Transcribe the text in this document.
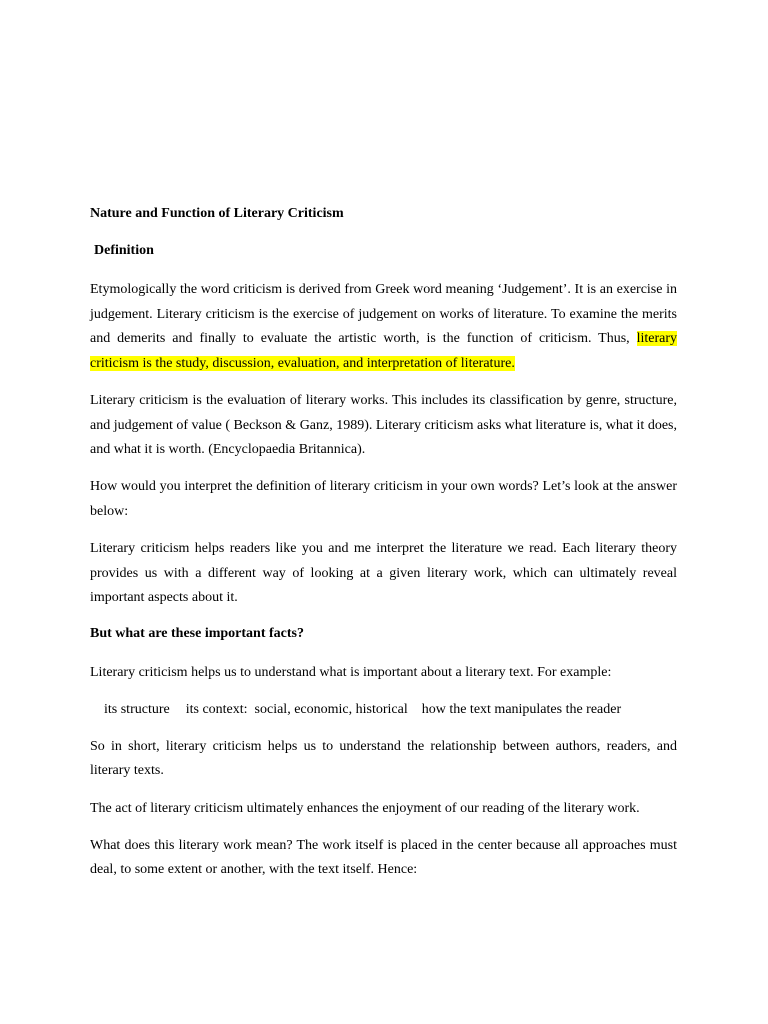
Nature and Function of Literary Criticism
Definition

Etymologically the word criticism is derived from Greek word meaning ‘Judgement’. It is an exercise in judgement. Literary criticism is the exercise of judgement on works of literature. To examine the merits and demerits and finally to evaluate the artistic worth, is the function of criticism. Thus, literary criticism is the study, discussion, evaluation, and interpretation of literature.

Literary criticism is the evaluation of literary works. This includes its classification by genre, structure, and judgement of value ( Beckson & Ganz, 1989). Literary criticism asks what literature is, what it does, and what it is worth. (Encyclopaedia Britannica).

How would you interpret the definition of literary criticism in your own words? Let’s look at the answer below:

Literary criticism helps readers like you and me interpret the literature we read. Each literary theory provides us with a different way of looking at a given literary work, which can ultimately reveal important aspects about it.

But what are these important facts?

Literary criticism helps us to understand what is important about a literary text. For example:

its structure its context:  social, economic, historical how the text manipulates the reader

So in short, literary criticism helps us to understand the relationship between authors, readers, and literary texts.

The act of literary criticism ultimately enhances the enjoyment of our reading of the literary work.

What does this literary work mean? The work itself is placed in the center because all approaches must deal, to some extent or another, with the text itself. Hence:
